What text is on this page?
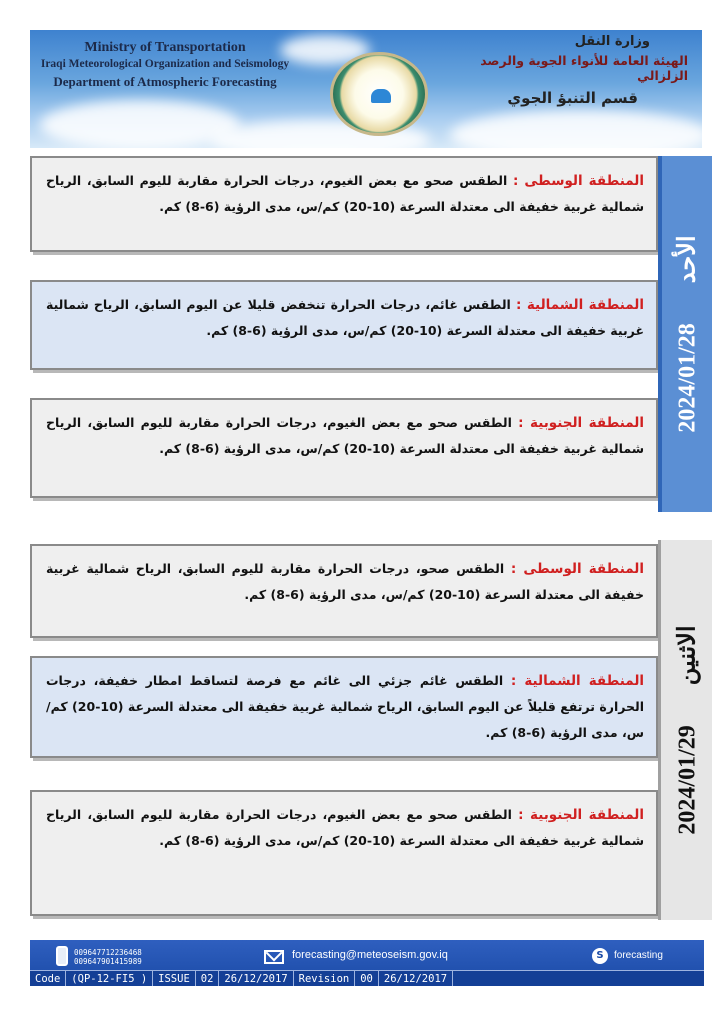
Ministry of Transportation
Iraqi Meteorological Organization and Seismology
Department of Atmospheric Forecasting
وزارة النقل
الهيئة العامة للأنواء الجوية والرصد الزلزالي
قسم التنبؤ الجوي
المنطقة الوسطى : الطقس صحو مع بعض الغيوم، درجات الحرارة مقاربة لليوم السابق، الرياح شمالية غربية خفيفة الى معتدلة السرعة (10-20) كم/س، مدى الرؤية (6-8) كم.
المنطقة الشمالية : الطقس غائم، درجات الحرارة تنخفض قليلا عن اليوم السابق، الرياح شمالية غربية خفيفة الى معتدلة السرعة (10-20) كم/س، مدى الرؤية (6-8) كم.
المنطقة الجنوبية : الطقس صحو مع بعض الغيوم، درجات الحرارة مقاربة لليوم السابق، الرياح شمالية غربية خفيفة الى معتدلة السرعة (10-20) كم/س، مدى الرؤية (6-8) كم.
الأحد2024/01/28
المنطقة الوسطى : الطقس صحو، درجات الحرارة مقاربة لليوم السابق، الرياح شمالية غربية خفيفة الى معتدلة السرعة (10-20) كم/س، مدى الرؤية (6-8) كم.
المنطقة الشمالية : الطقس غائم جزئي الى غائم مع فرصة لتساقط امطار خفيفة، درجات الحرارة ترتفع قليلاً عن اليوم السابق، الرياح شمالية غربية خفيفة الى معتدلة السرعة (10-20) كم/س، مدى الرؤية (6-8) كم.
المنطقة الجنوبية : الطقس صحو مع بعض الغيوم، درجات الحرارة مقاربة لليوم السابق، الرياح شمالية غربية خفيفة الى معتدلة السرعة (10-20) كم/س، مدى الرؤية (6-8) كم.
الاثنين2024/01/29
009647712236468
009647901415989
forecasting@meteoseism.gov.iq	S	forecasting
Code	(QP-12-FI5 )	ISSUE	02	26/12/2017	Revision	00	26/12/2017
